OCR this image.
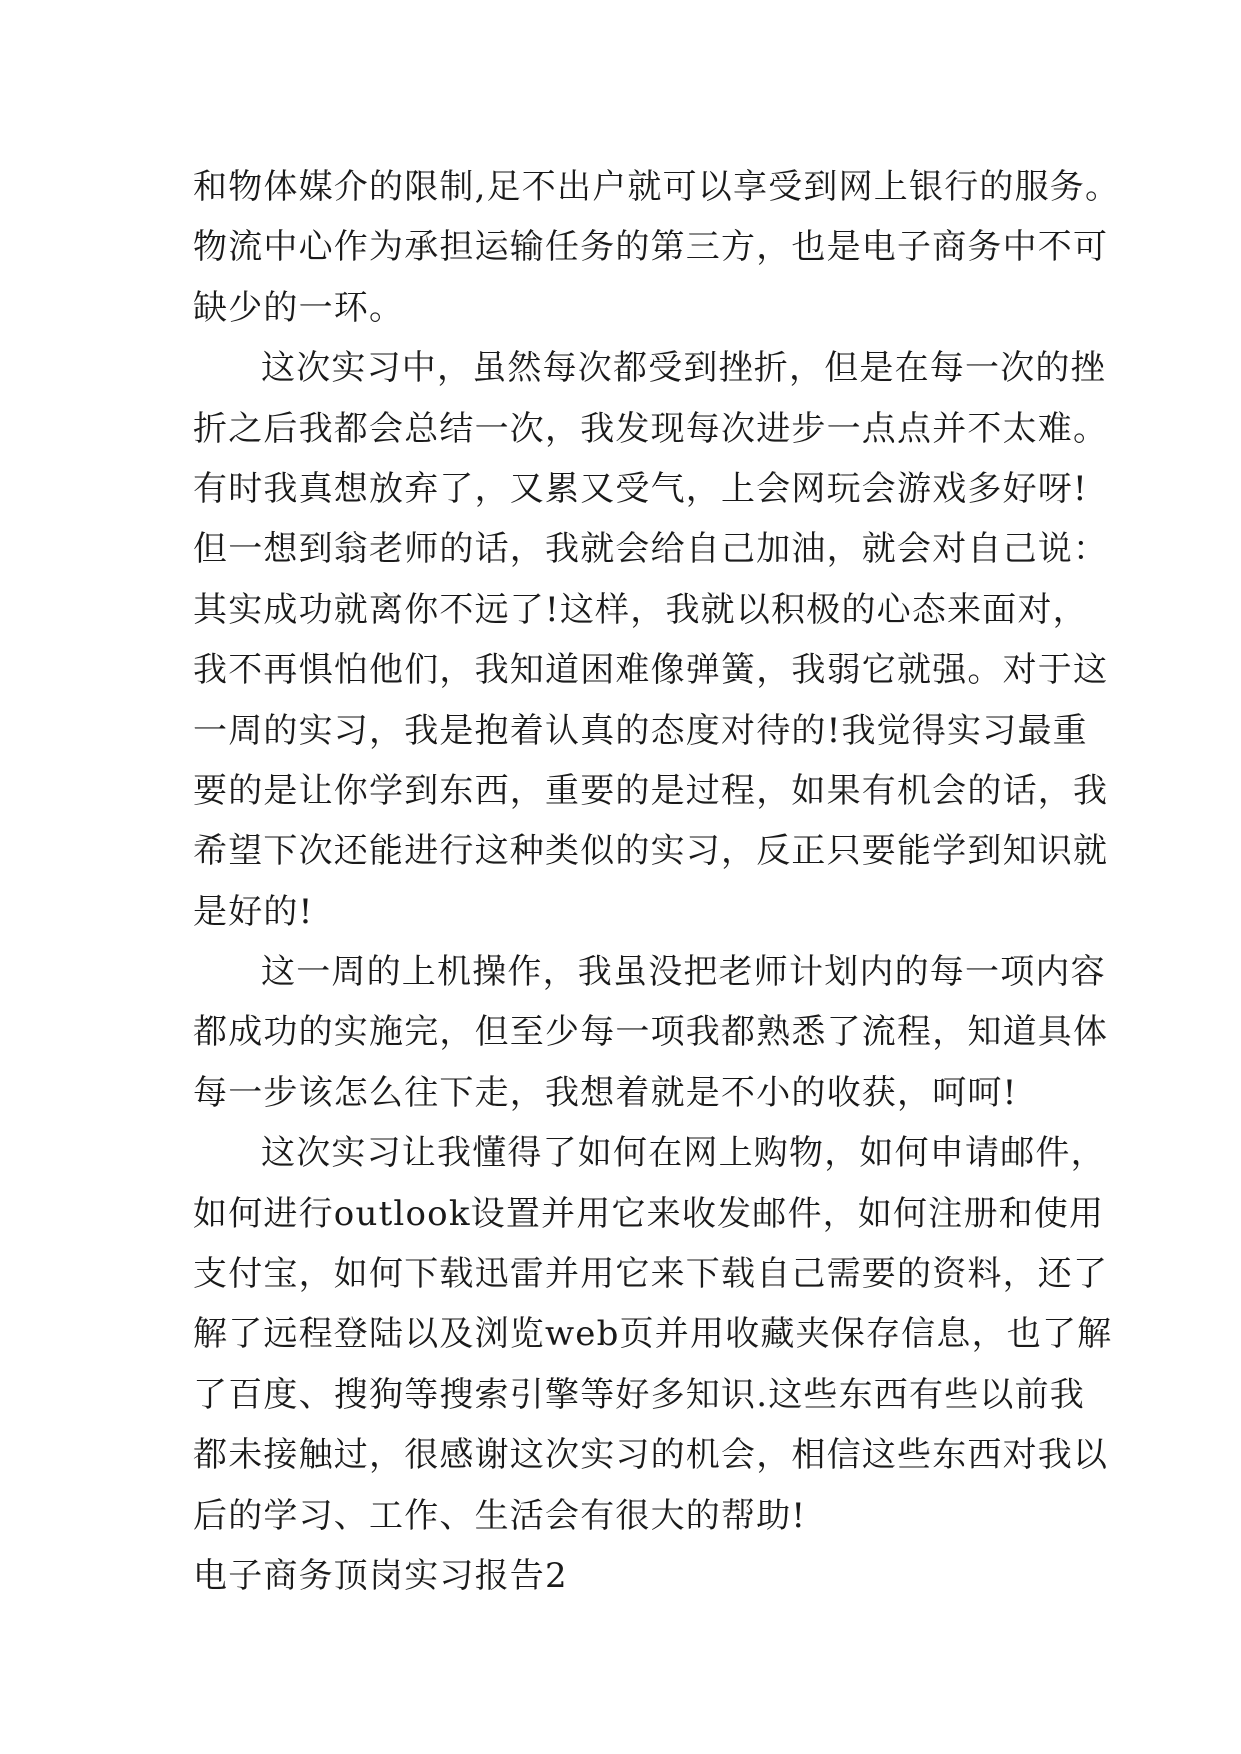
和物体媒介的限制,足不出户就可以享受到网上银行的服务。
物流中心作为承担运输任务的第三方，也是电子商务中不可
缺少的一环。
这次实习中，虽然每次都受到挫折，但是在每一次的挫
折之后我都会总结一次，我发现每次进步一点点并不太难。
有时我真想放弃了，又累又受气，上会网玩会游戏多好呀!
但一想到翁老师的话，我就会给自己加油，就会对自己说：
其实成功就离你不远了!这样，我就以积极的心态来面对，
我不再惧怕他们，我知道困难像弹簧，我弱它就强。对于这
一周的实习，我是抱着认真的态度对待的!我觉得实习最重
要的是让你学到东西，重要的是过程，如果有机会的话，我
希望下次还能进行这种类似的实习，反正只要能学到知识就
是好的!
这一周的上机操作，我虽没把老师计划内的每一项内容
都成功的实施完，但至少每一项我都熟悉了流程，知道具体
每一步该怎么往下走，我想着就是不小的收获，呵呵!
这次实习让我懂得了如何在网上购物，如何申请邮件，
如何进行outlook设置并用它来收发邮件，如何注册和使用
支付宝，如何下载迅雷并用它来下载自己需要的资料，还了
解了远程登陆以及浏览web页并用收藏夹保存信息，也了解
了百度、搜狗等搜索引擎等好多知识.这些东西有些以前我
都未接触过，很感谢这次实习的机会，相信这些东西对我以
后的学习、工作、生活会有很大的帮助!
电子商务顶岗实习报告2
